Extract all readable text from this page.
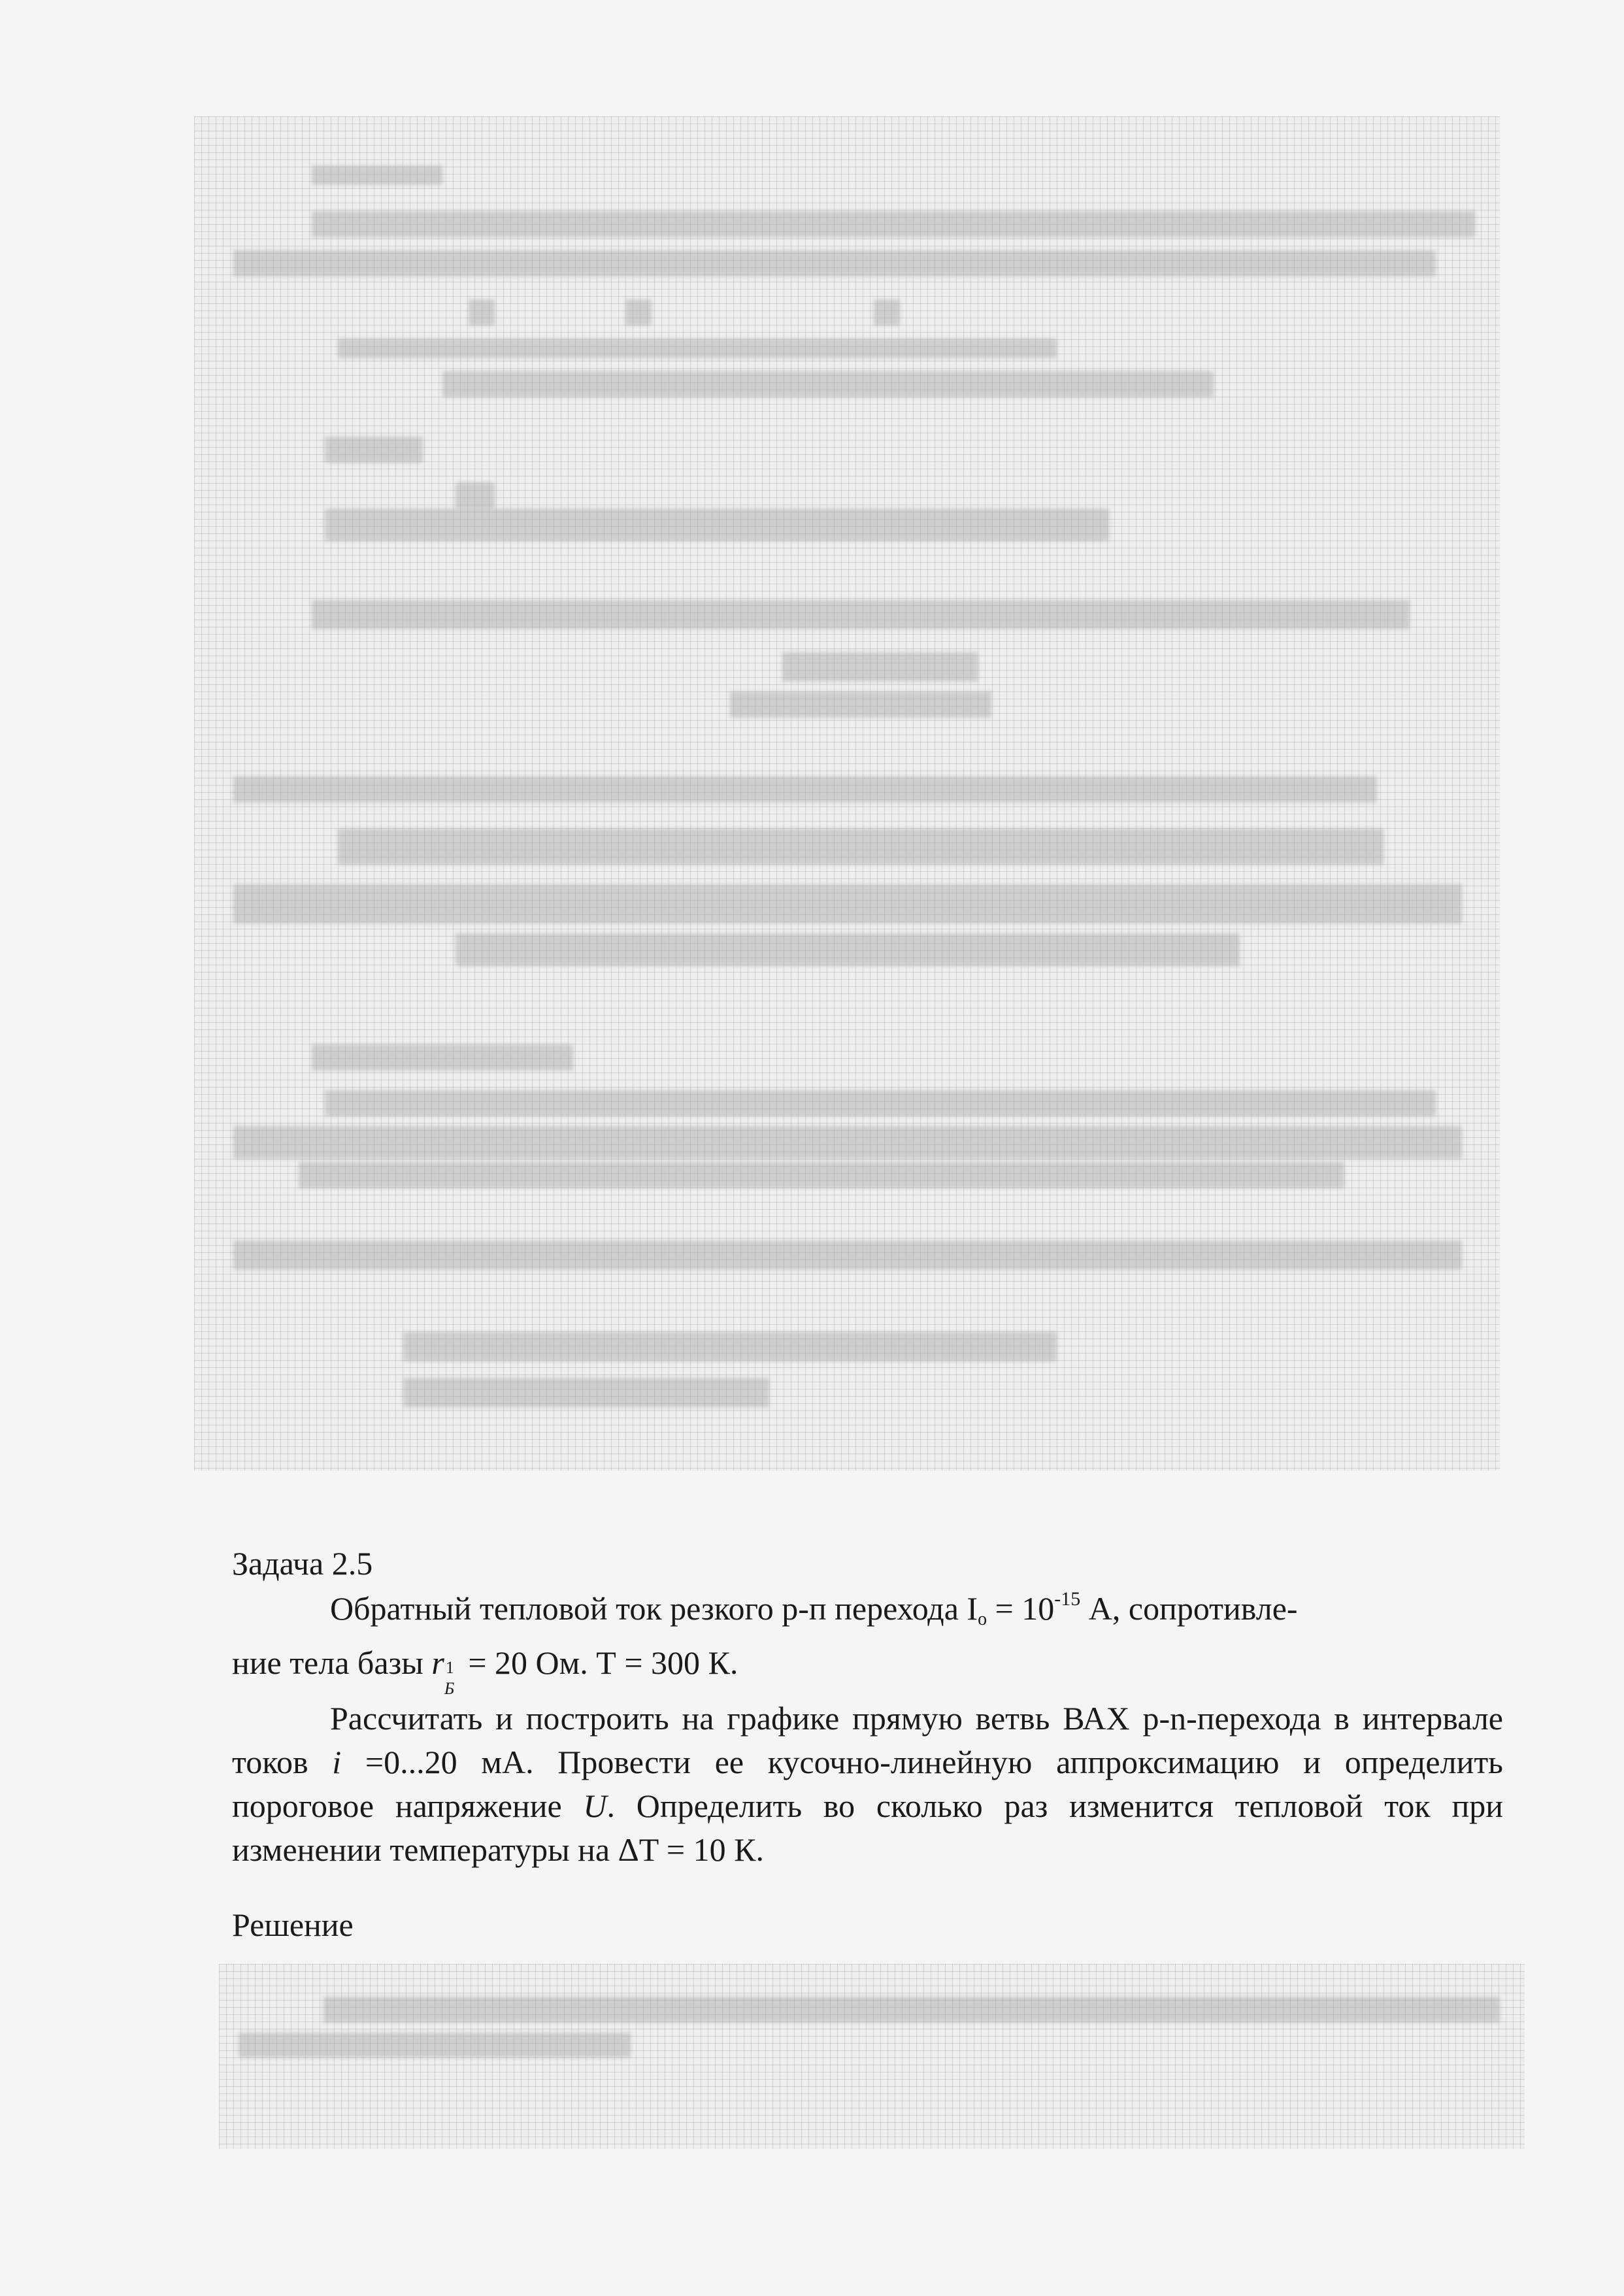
Задача 2.5

Обратный тепловой ток резкого p-п перехода $I_о = 10^{-15}$ А, сопротивле-

ние тела базы r 1
Б
= 20 Ом. Т = 300 К.

Рассчитать и построить на графике прямую ветвь ВАХ p-n-перехода в интервале токов i =0...20 мА. Провести ее кусочно-линейную аппроксимацию и определить пороговое напряжение U. Определить во сколько раз изменится тепловой ток при изменении температуры на ΔT = 10 К.

Решение
